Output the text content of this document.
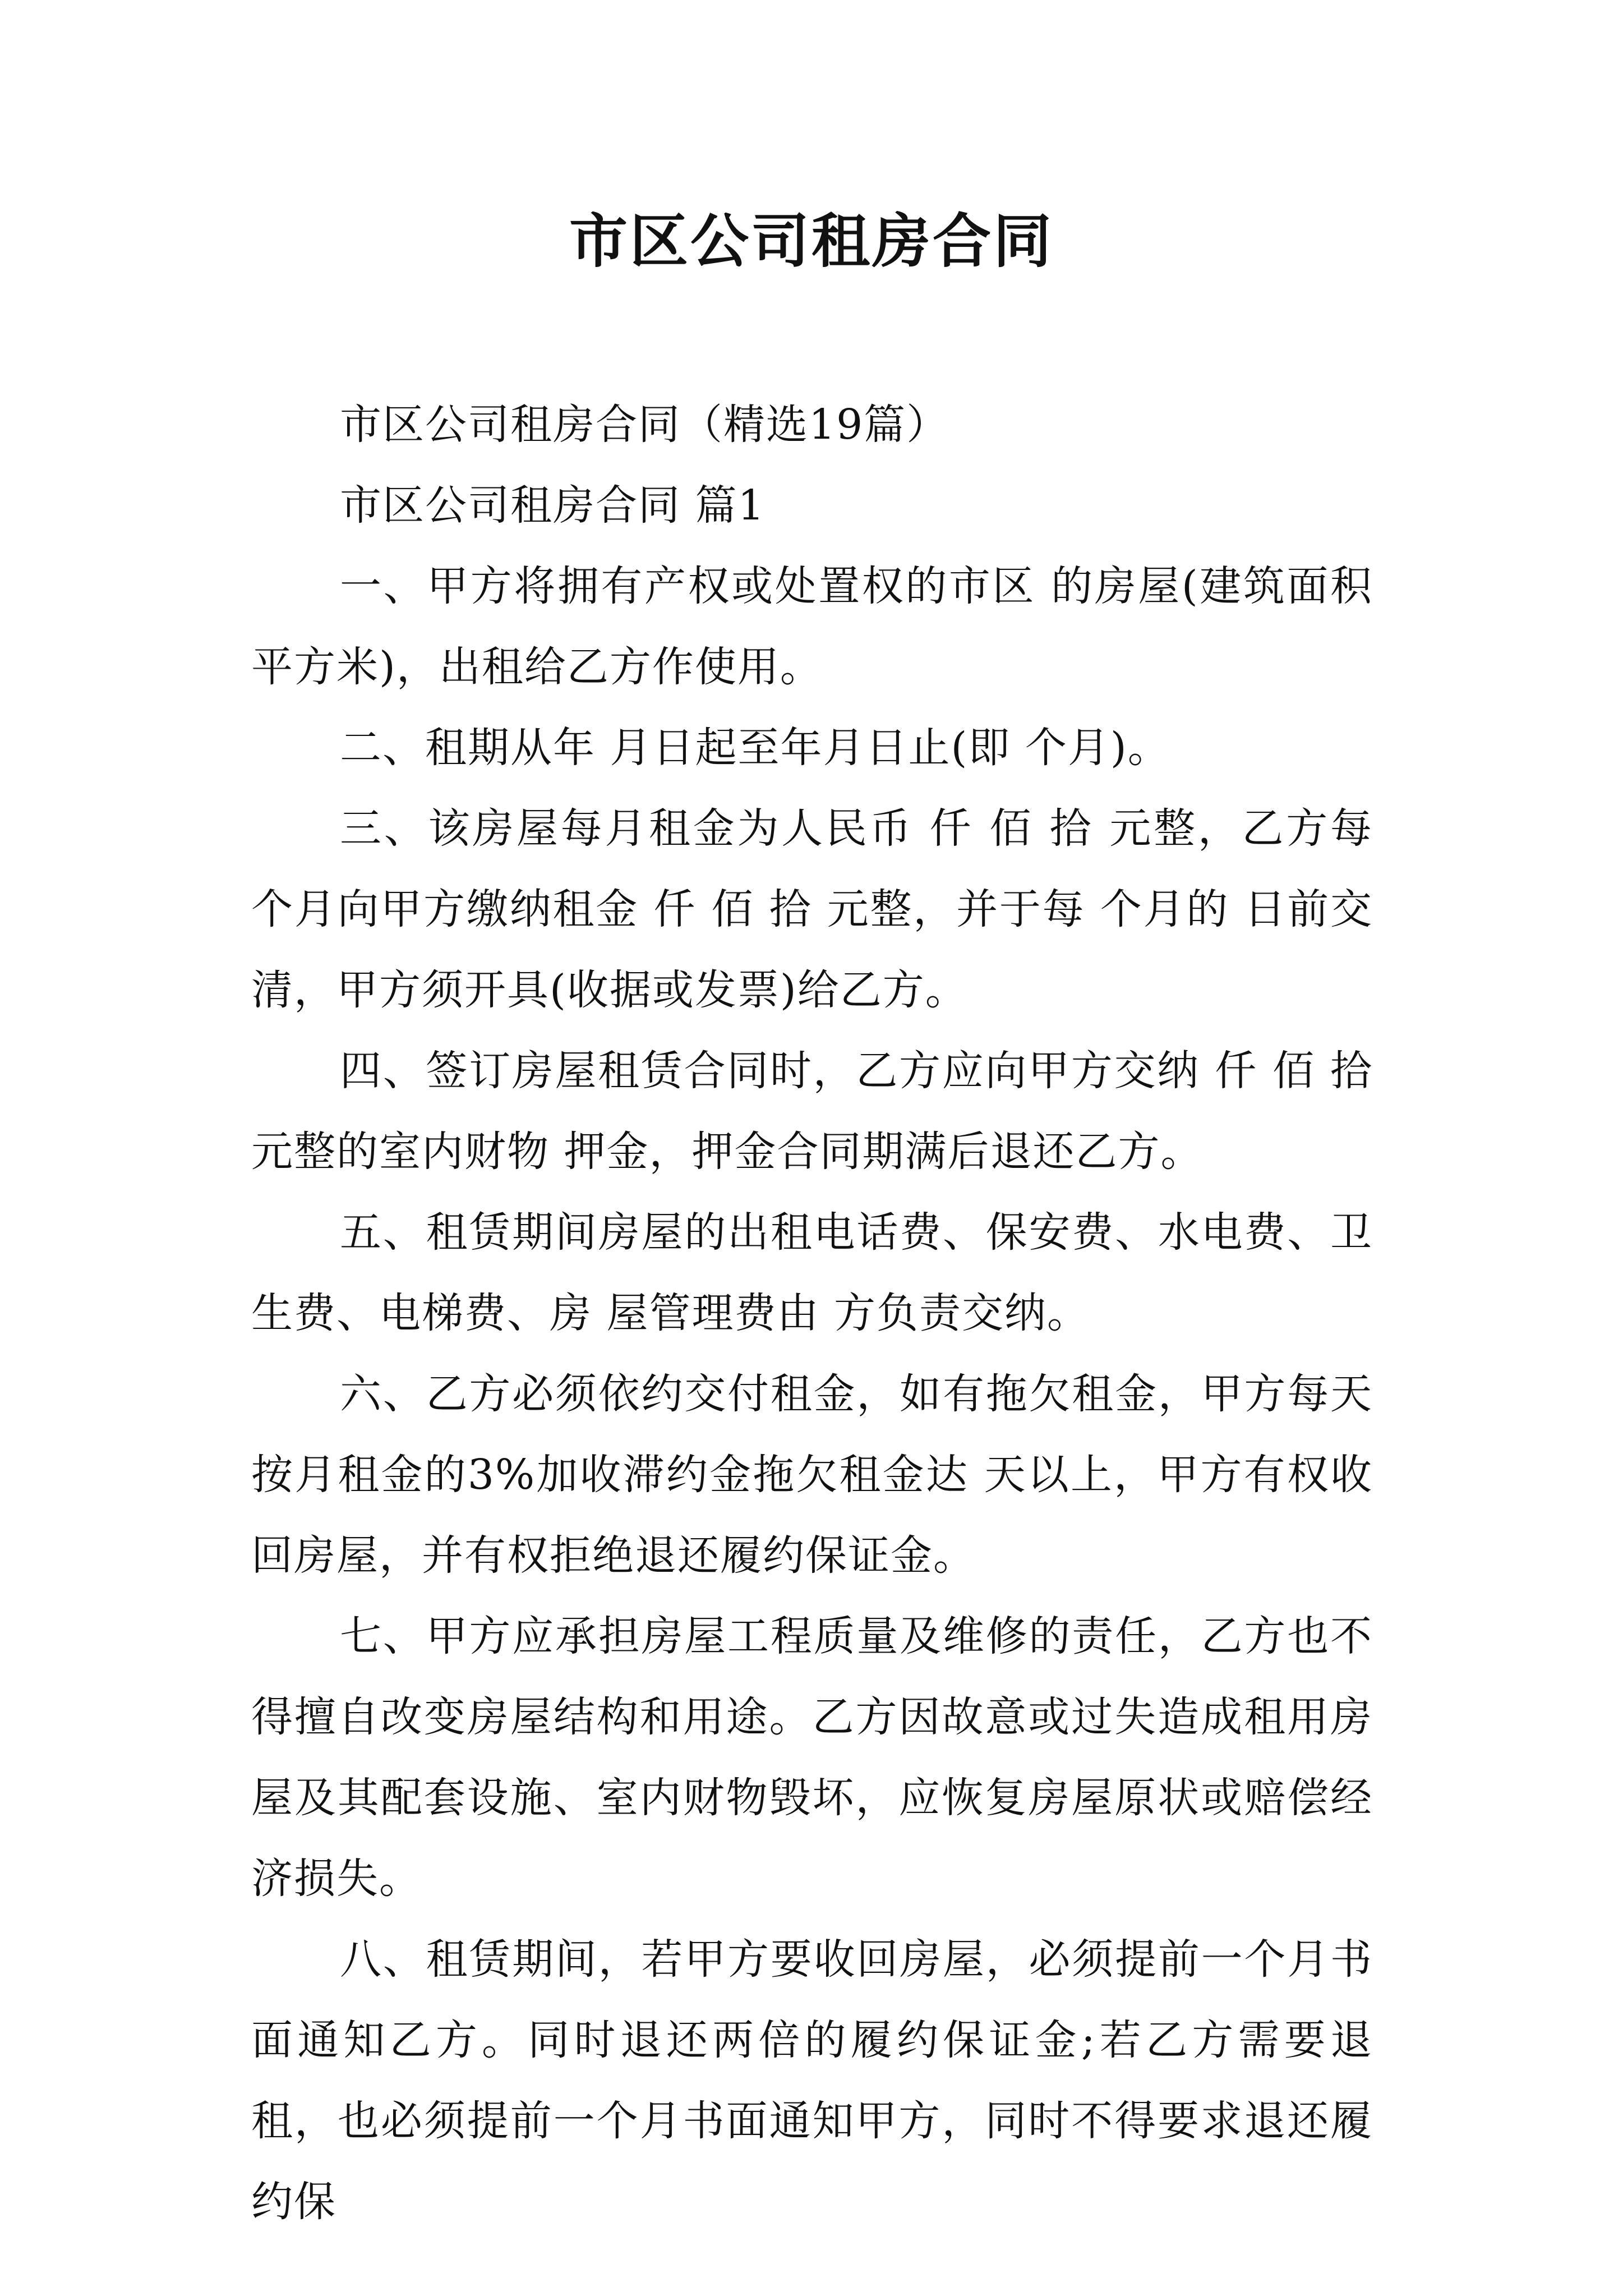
市区公司租房合同

市区公司租房合同（精选19篇）

市区公司租房合同 篇1

一、甲方将拥有产权或处置权的市区 的房屋(建筑面积 平方米)，出租给乙方作使用。

二、租期从年 月日起至年月日止(即 个月)。

三、该房屋每月租金为人民币 仟 佰 拾 元整，乙方每个月向甲方缴纳租金 仟 佰 拾 元整，并于每 个月的 日前交清，甲方须开具(收据或发票)给乙方。

四、签订房屋租赁合同时，乙方应向甲方交纳 仟 佰 拾 元整的室内财物 押金，押金合同期满后退还乙方。

五、租赁期间房屋的出租电话费、保安费、水电费、卫生费、电梯费、房 屋管理费由 方负责交纳。

六、乙方必须依约交付租金，如有拖欠租金，甲方每天按月租金的3%加收滞约金拖欠租金达 天以上，甲方有权收回房屋，并有权拒绝退还履约保证金。

七、甲方应承担房屋工程质量及维修的责任，乙方也不得擅自改变房屋结构和用途。乙方因故意或过失造成租用房屋及其配套设施、室内财物毁坏，应恢复房屋原状或赔偿经济损失。

八、租赁期间，若甲方要收回房屋，必须提前一个月书面通知乙方。同时退还两倍的履约保证金;若乙方需要退租，也必须提前一个月书面通知甲方，同时不得要求退还履约保
